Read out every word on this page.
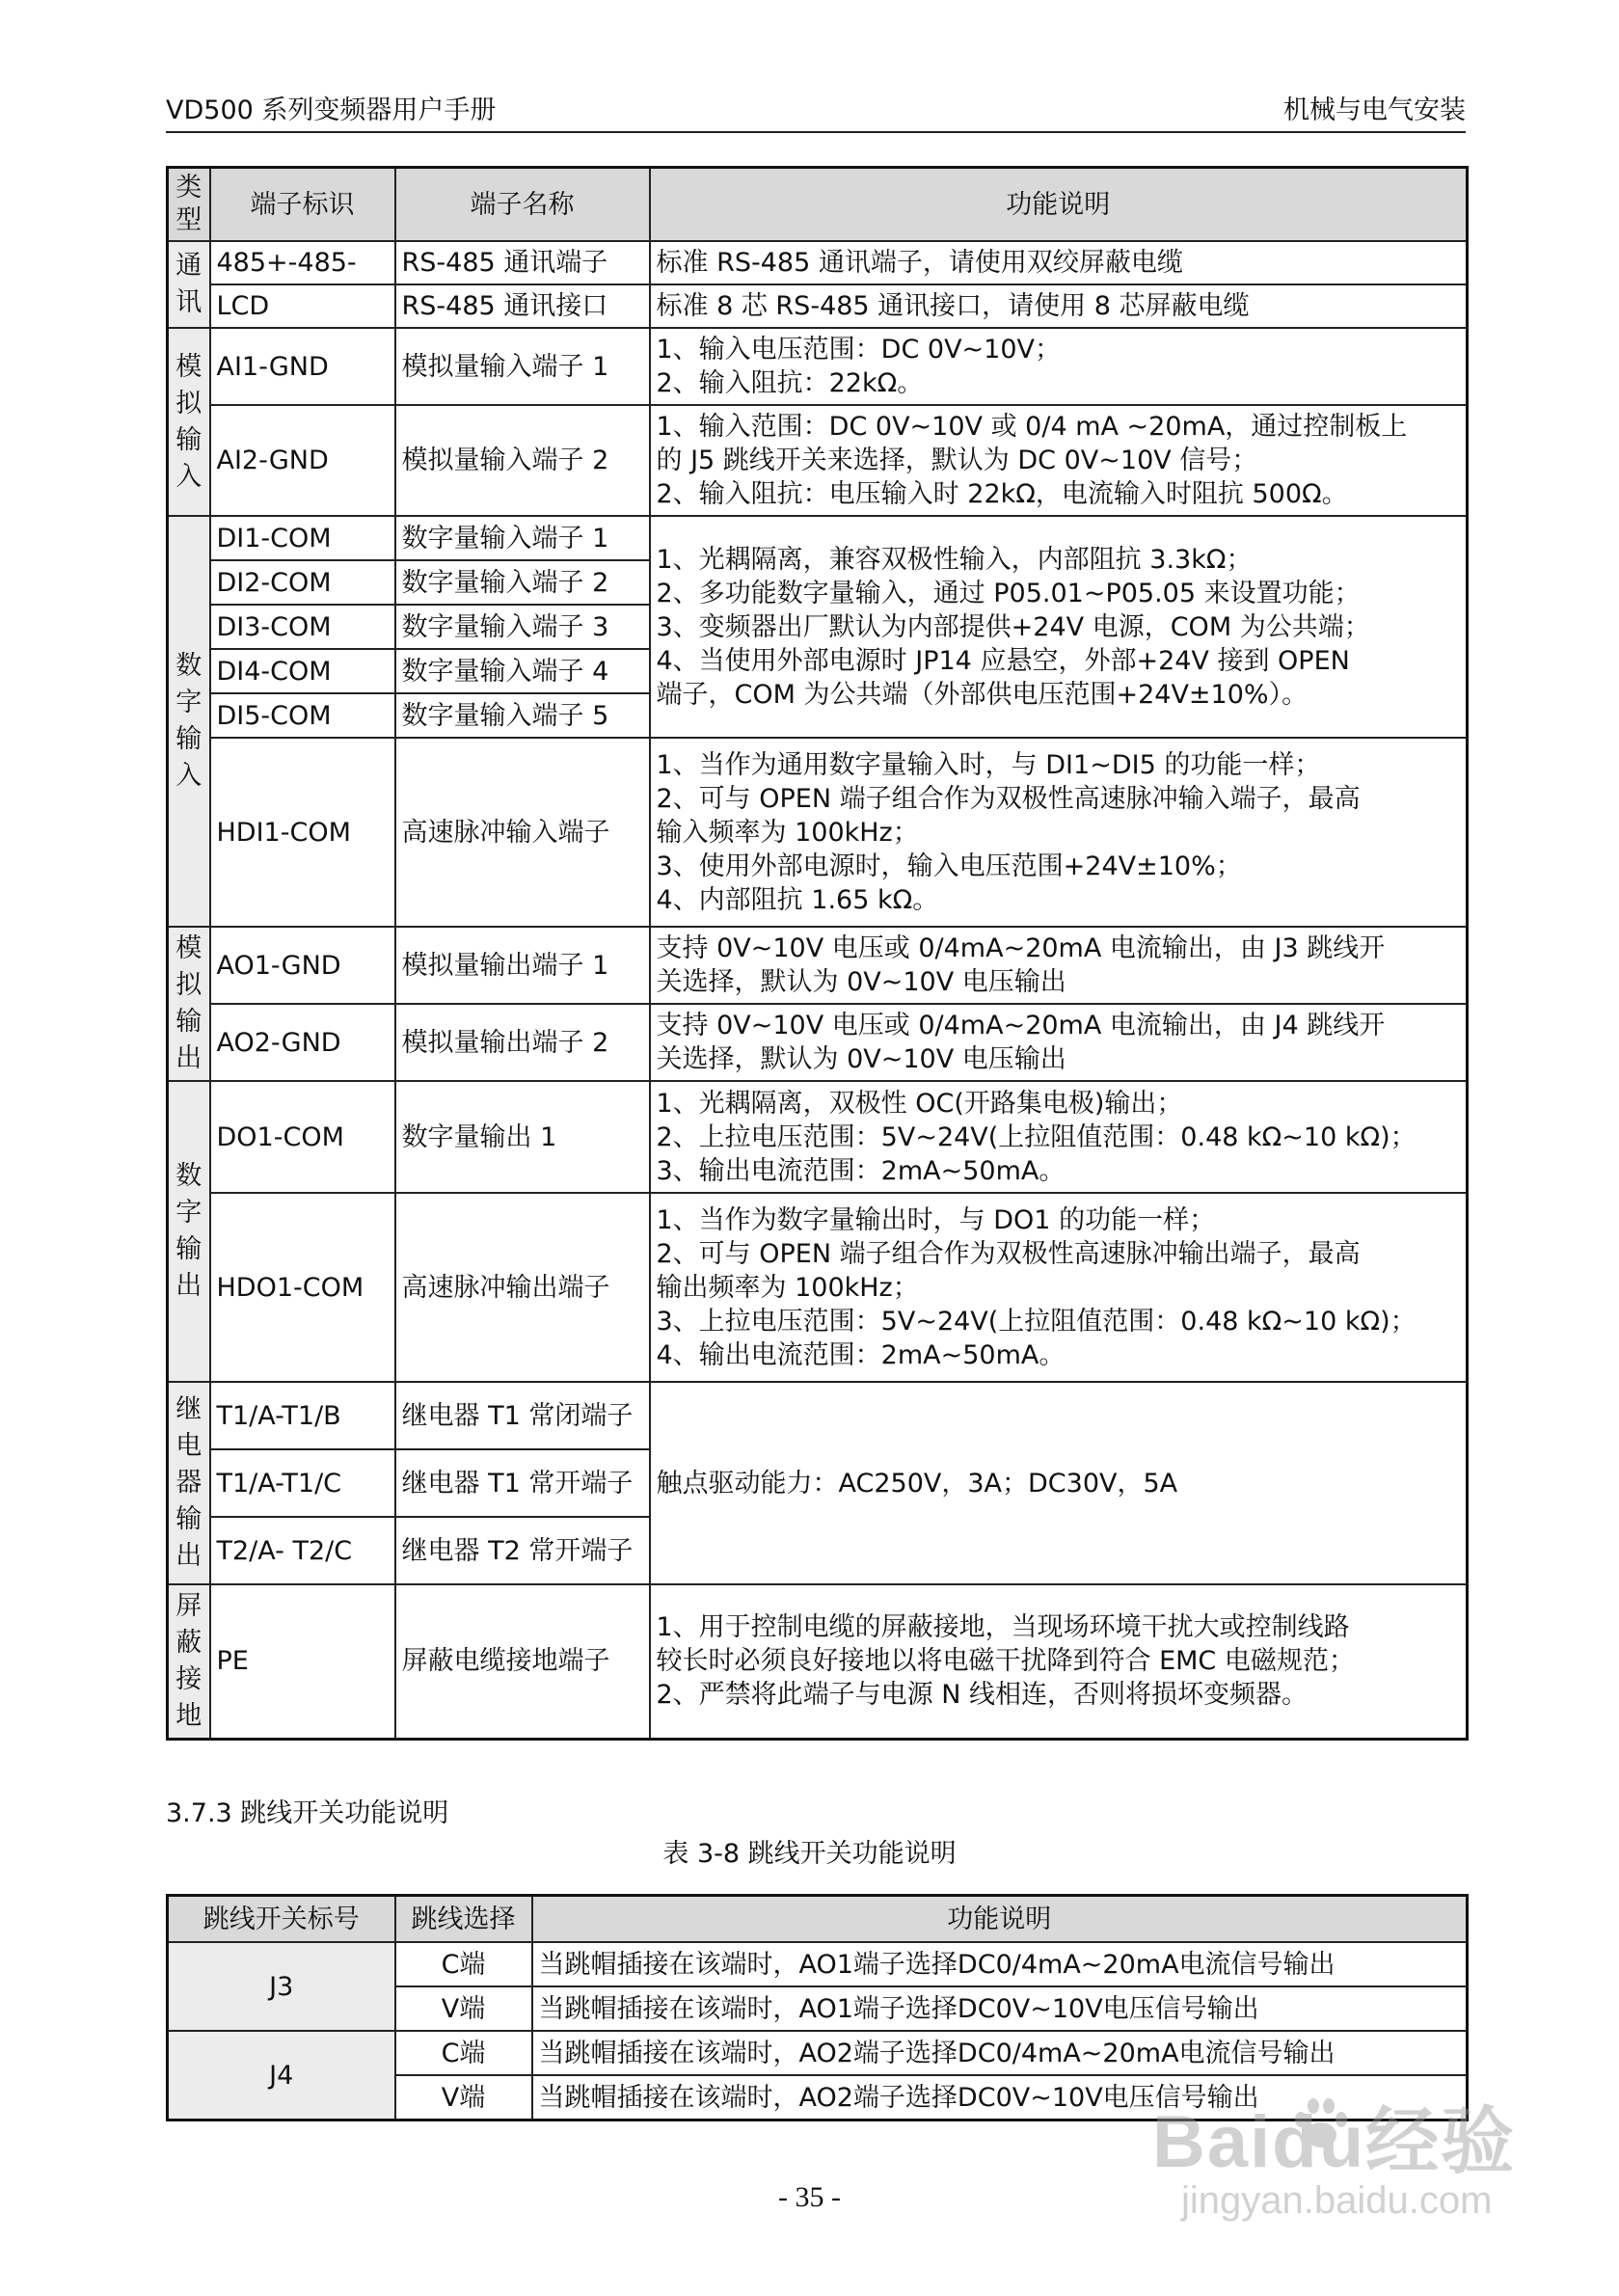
VD500 系列变频器用户手册	机械与电气安装
类型	端子标识	端子名称	功能说明
通讯	485+-485-	RS-485 通讯端子	标准 RS-485 通讯端子，请使用双绞屏蔽电缆

	LCD	RS-485 通讯接口	标准 8 芯 RS-485 通讯接口，请使用 8 芯屏蔽电缆

模拟输入	AI1-GND	模拟量输入端子 1	1、输入电压范围：DC 0V~10V；
2、输入阻抗：22kΩ。

	AI2-GND	模拟量输入端子 2	1、输入范围：DC 0V~10V 或 0/4 mA ~20mA，通过控制板上
的 J5 跳线开关来选择，默认为 DC 0V~10V 信号；
2、输入阻抗：电压输入时 22kΩ，电流输入时阻抗 500Ω。

数字输入	DI1-COM	数字量输入端子 1	1、光耦隔离，兼容双极性输入，内部阻抗 3.3kΩ；
2、多功能数字量输入，通过 P05.01~P05.05 来设置功能；
3、变频器出厂默认为内部提供+24V 电源，COM 为公共端；
4、当使用外部电源时 JP14 应悬空，外部+24V 接到 OPEN
端子，COM 为公共端（外部供电压范围+24V±10%）。

	DI2-COM	数字量输入端子 2	
	DI3-COM	数字量输入端子 3	
	DI4-COM	数字量输入端子 4	
	DI5-COM	数字量输入端子 5	
	HDI1-COM	高速脉冲输入端子	1、当作为通用数字量输入时，与 DI1~DI5 的功能一样；
2、可与 OPEN 端子组合作为双极性高速脉冲输入端子，最高
输入频率为 100kHz；
3、使用外部电源时，输入电压范围+24V±10%；
4、内部阻抗 1.65 kΩ。

模拟输出	AO1-GND	模拟量输出端子 1	支持 0V~10V 电压或 0/4mA~20mA 电流输出，由 J3 跳线开
关选择，默认为 0V~10V 电压输出

	AO2-GND	模拟量输出端子 2	支持 0V~10V 电压或 0/4mA~20mA 电流输出，由 J4 跳线开
关选择，默认为 0V~10V 电压输出

数字输出	DO1-COM	数字量输出 1	1、光耦隔离，双极性 OC(开路集电极)输出；
2、上拉电压范围：5V~24V(上拉阻值范围：0.48 kΩ~10 kΩ)；
3、输出电流范围：2mA~50mA。

	HDO1-COM	高速脉冲输出端子	1、当作为数字量输出时，与 DO1 的功能一样；
2、可与 OPEN 端子组合作为双极性高速脉冲输出端子，最高
输出频率为 100kHz；
3、上拉电压范围：5V~24V(上拉阻值范围：0.48 kΩ~10 kΩ)；
4、输出电流范围：2mA~50mA。

继电器输出	T1/A-T1/B	继电器 T1 常闭端子	触点驱动能力：AC250V，3A；DC30V，5A
	T1/A-T1/C	继电器 T1 常开端子	
	T2/A- T2/C	继电器 T2 常开端子	
屏蔽接地	PE	屏蔽电缆接地端子	1、用于控制电缆的屏蔽接地，当现场环境干扰大或控制线路
较长时必须良好接地以将电磁干扰降到符合 EMC 电磁规范；
2、严禁将此端子与电源 N 线相连，否则将损坏变频器。
3.7.3 跳线开关功能说明
表 3-8 跳线开关功能说明
跳线开关标号	跳线选择	功能说明
J3	C端	当跳帽插接在该端时，AO1端子选择DC0/4mA~20mA电流信号输出
	V端	当跳帽插接在该端时，AO1端子选择DC0V~10V电压信号输出
J4	C端	当跳帽插接在该端时，AO2端子选择DC0/4mA~20mA电流信号输出
	V端	当跳帽插接在该端时，AO2端子选择DC0V~10V电压信号输出
- 35 -
Baidu经验
jingyan.baidu.com
